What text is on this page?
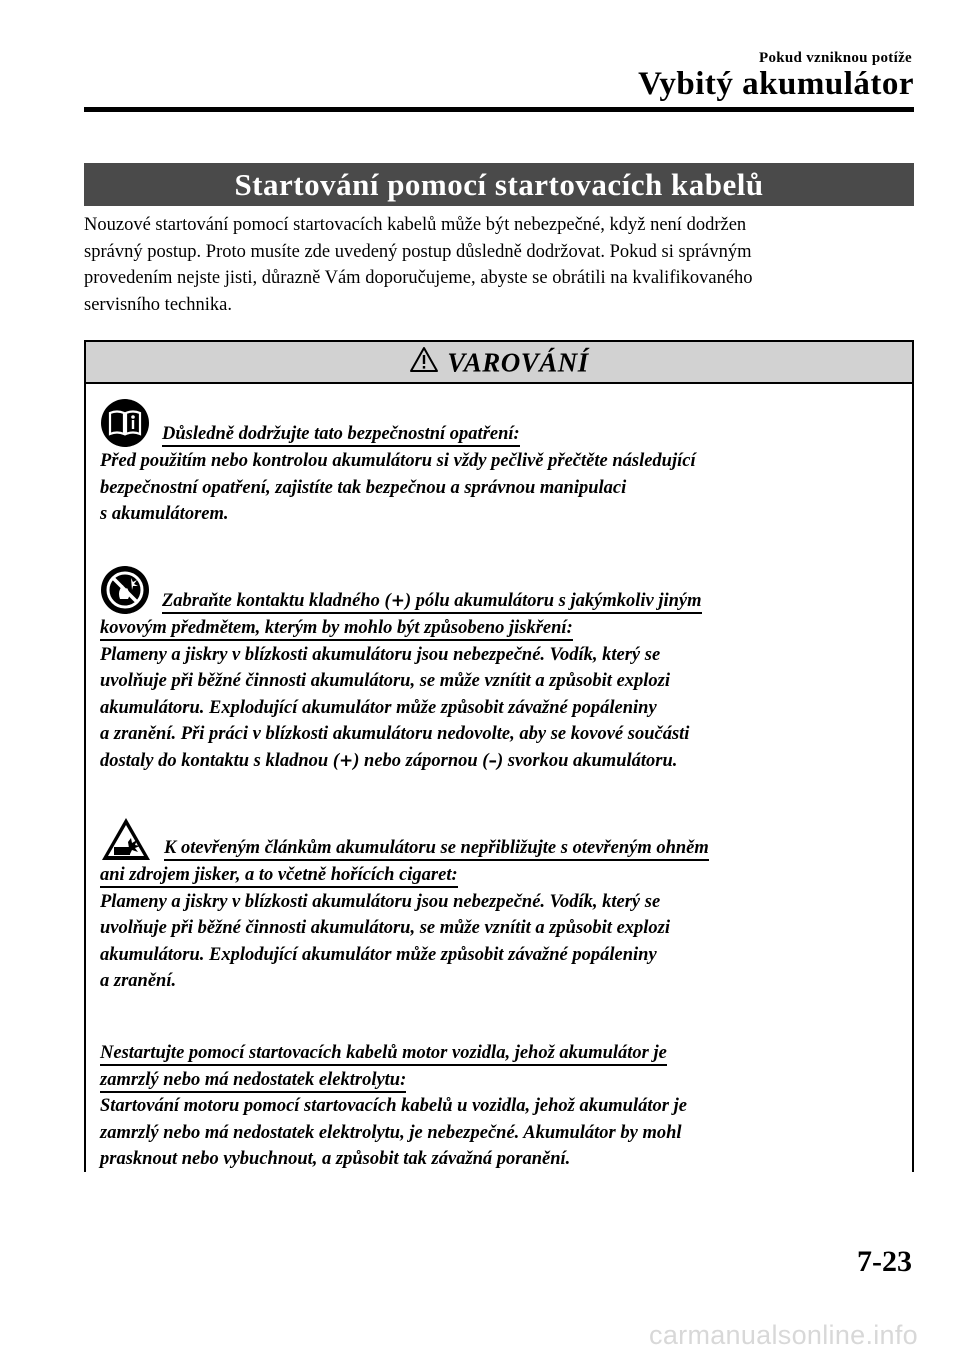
Pokud vzniknou potíže
Vybitý akumulátor
Startování pomocí startovacích kabelů

Nouzové startování pomocí startovacích kabelů může být nebezpečné, když není dodržen

správný postup. Proto musíte zde uvedený postup důsledně dodržovat. Pokud si správným

provedením nejste jisti, důrazně Vám doporučujeme, abyste se obrátili na kvalifikovaného

servisního technika.

VAROVÁNÍ
Důsledně dodržujte tato bezpečnostní opatření:
Před použitím nebo kontrolou akumulátoru si vždy pečlivě přečtěte následující
bezpečnostní opatření, zajistíte tak bezpečnou a správnou manipulaci
s akumulátorem.
Zabraňte kontaktu kladného (+) pólu akumulátoru s jakýmkoliv jiným
kovovým předmětem, kterým by mohlo být způsobeno jiskření:
Plameny a jiskry v blízkosti akumulátoru jsou nebezpečné. Vodík, který se
uvolňuje při běžné činnosti akumulátoru, se může vznítit a způsobit explozi
akumulátoru. Explodující akumulátor může způsobit závažné popáleniny
a zranění. Při práci v blízkosti akumulátoru nedovolte, aby se kovové součásti
dostaly do kontaktu s kladnou (+) nebo zápornou (–) svorkou akumulátoru.
K otevřeným článkům akumulátoru se nepřibližujte s otevřeným ohněm
ani zdrojem jisker, a to včetně hořících cigaret:
Plameny a jiskry v blízkosti akumulátoru jsou nebezpečné. Vodík, který se
uvolňuje při běžné činnosti akumulátoru, se může vznítit a způsobit explozi
akumulátoru. Explodující akumulátor může způsobit závažné popáleniny
a zranění.
Nestartujte pomocí startovacích kabelů motor vozidla, jehož akumulátor je
zamrzlý nebo má nedostatek elektrolytu:
Startování motoru pomocí startovacích kabelů u vozidla, jehož akumulátor je
zamrzlý nebo má nedostatek elektrolytu, je nebezpečné. Akumulátor by mohl
prasknout nebo vybuchnout, a způsobit tak závažná poranění.
7-23
carmanualsonline.info
